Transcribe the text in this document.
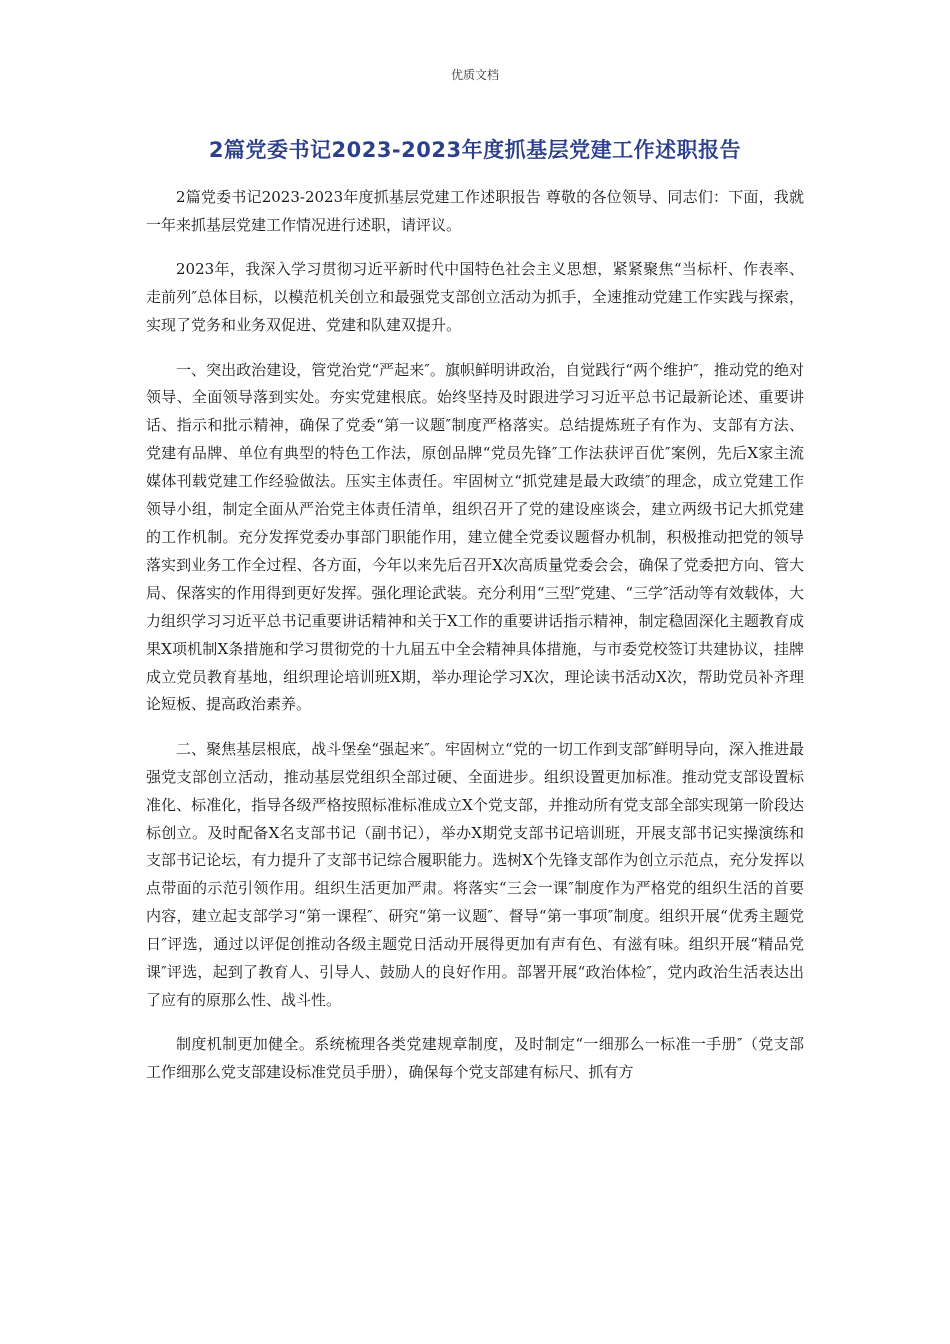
优质文档
2篇党委书记2023-2023年度抓基层党建工作述职报告

2篇党委书记2023-2023年度抓基层党建工作述职报告 尊敬的各位领导、同志们：下面，我就一年来抓基层党建工作情况进行述职，请评议。

2023年，我深入学习贯彻习近平新时代中国特色社会主义思想，紧紧聚焦“当标杆、作表率、走前列″总体目标，以模范机关创立和最强党支部创立活动为抓手，全速推动党建工作实践与探索，实现了党务和业务双促进、党建和队建双提升。

一、突出政治建设，管党治党“严起来″。旗帜鲜明讲政治，自觉践行“两个维护″，推动党的绝对领导、全面领导落到实处。夯实党建根底。始终坚持及时跟进学习习近平总书记最新论述、重要讲话、指示和批示精神，确保了党委“第一议题″制度严格落实。总结提炼班子有作为、支部有方法、党建有品牌、单位有典型的特色工作法，原创品牌“党员先锋″工作法获评百优″案例，先后X家主流媒体刊载党建工作经验做法。压实主体责任。牢固树立“抓党建是最大政绩″的理念，成立党建工作领导小组，制定全面从严治党主体责任清单，组织召开了党的建设座谈会，建立两级书记大抓党建的工作机制。充分发挥党委办事部门职能作用，建立健全党委议题督办机制，积极推动把党的领导落实到业务工作全过程、各方面，今年以来先后召开X次高质量党委会会，确保了党委把方向、管大局、保落实的作用得到更好发挥。强化理论武装。充分利用“三型″党建、“三学″活动等有效载体，大力组织学习习近平总书记重要讲话精神和关于X工作的重要讲话指示精神，制定稳固深化主题教育成果X项机制X条措施和学习贯彻党的十九届五中全会精神具体措施，与市委党校签订共建协议，挂牌成立党员教育基地，组织理论培训班X期，举办理论学习X次，理论读书活动X次，帮助党员补齐理论短板、提高政治素养。

二、聚焦基层根底，战斗堡垒“强起来″。牢固树立“党的一切工作到支部″鲜明导向，深入推进最强党支部创立活动，推动基层党组织全部过硬、全面进步。组织设置更加标准。推动党支部设置标准化、标准化，指导各级严格按照标准标准成立X个党支部，并推动所有党支部全部实现第一阶段达标创立。及时配备X名支部书记（副书记），举办X期党支部书记培训班，开展支部书记实操演练和支部书记论坛，有力提升了支部书记综合履职能力。选树X个先锋支部作为创立示范点，充分发挥以点带面的示范引领作用。组织生活更加严肃。将落实“三会一课″制度作为严格党的组织生活的首要内容，建立起支部学习“第一课程″、研究“第一议题″、督导“第一事项″制度。组织开展“优秀主题党日″评选，通过以评促创推动各级主题党日活动开展得更加有声有色、有滋有味。组织开展“精品党课″评选，起到了教育人、引导人、鼓励人的良好作用。部署开展“政治体检″，党内政治生活表达出了应有的原那么性、战斗性。

制度机制更加健全。系统梳理各类党建规章制度，及时制定“一细那么一标准一手册″（党支部工作细那么党支部建设标准党员手册），确保每个党支部建有标尺、抓有方
